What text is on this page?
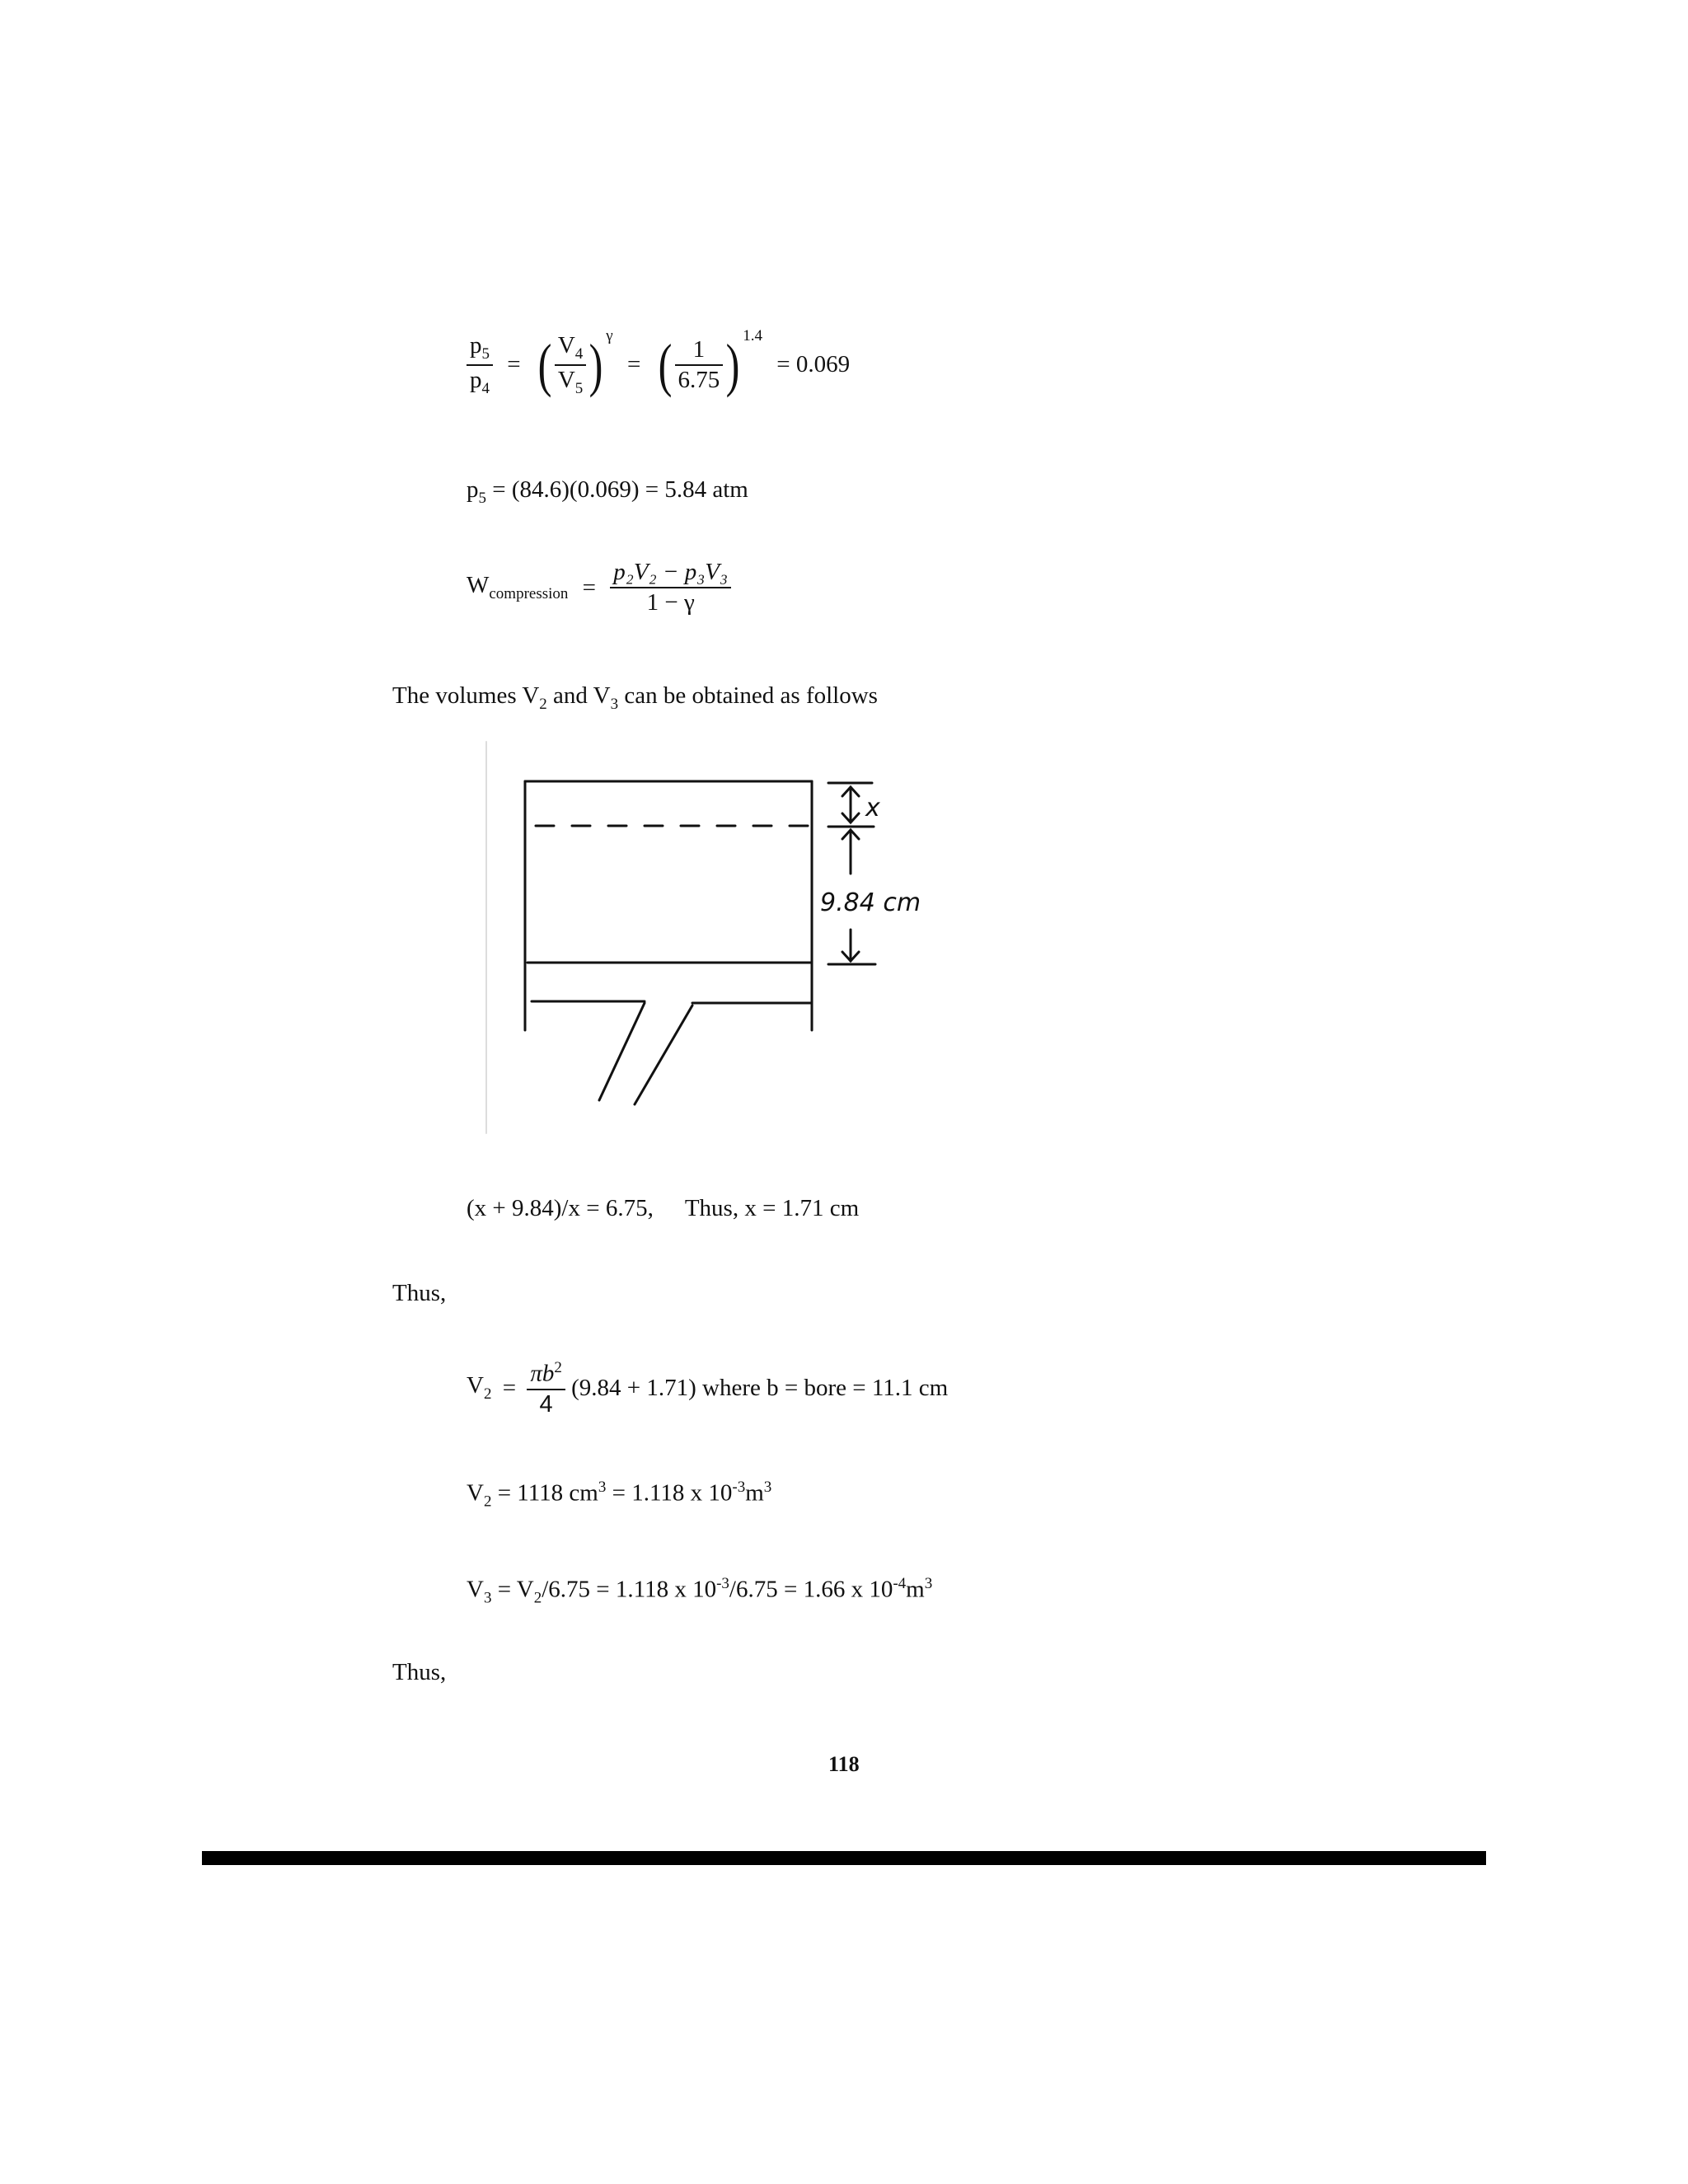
$\frac{p_5}{p_4}$ = ( $\frac{V_4}{V_5}$ ) $^\gamma$ = ( $\frac{1}{6.75}$ ) $^{1.4}$ = 0.069
$p_5 = (84.6)(0.069) = 5.84$ atm
$W_{compression} = \frac{\text{p₂V₂ − p₃V₃}}{1 - \gamma}$
The volumes $V_2$ and $V_3$ can be obtained as follows
x
9.84 cm
(x + 9.84)/x = 6.75, Thus, x = 1.71 cm
Thus,
$V_2 = \frac{\pi b^2}{4} (9.84 + 1.71)$ where b = bore = 11.1 cm
$V_2 = 1118$ $cm^3 = 1.118$ x $10^{-3}m^3$
$V_3 = V_2/6.75 = 1.118$ x $10^{-3}/6.75 = 1.66$ x $10^{-4}m^3$
Thus,
118
